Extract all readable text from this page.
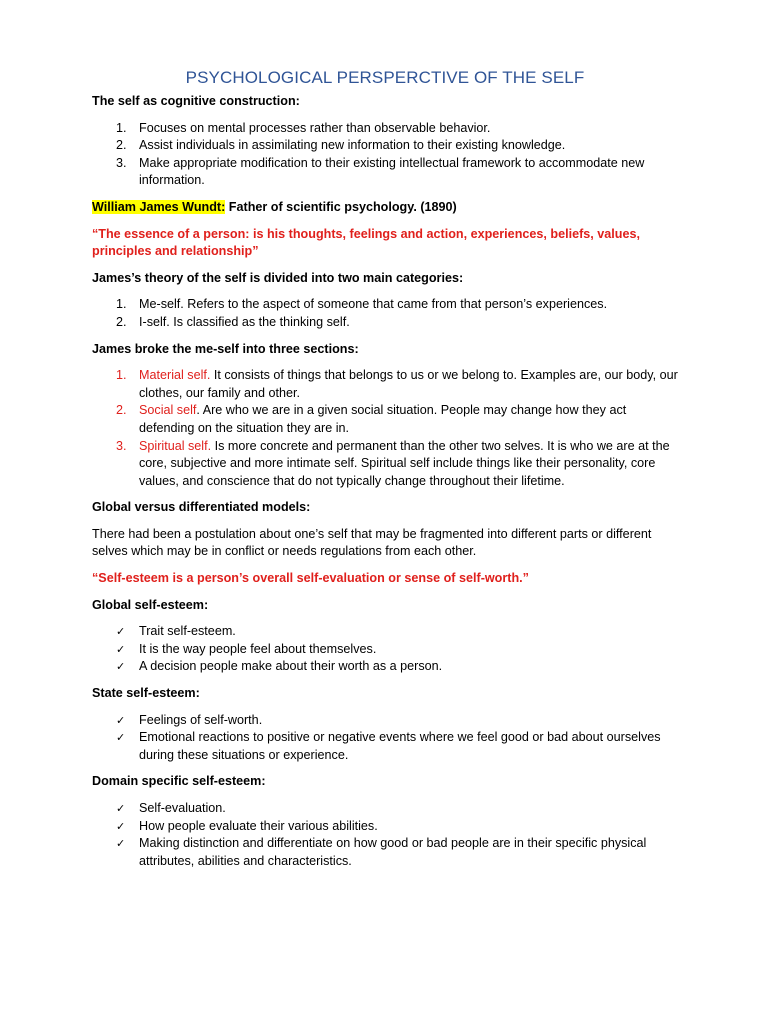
PSYCHOLOGICAL PERSPERCTIVE OF THE SELF
The self as cognitive construction:
1. Focuses on mental processes rather than observable behavior.
2. Assist individuals in assimilating new information to their existing knowledge.
3. Make appropriate modification to their existing intellectual framework to accommodate new information.
William James Wundt: Father of scientific psychology. (1890)
“The essence of a person: is his thoughts, feelings and action, experiences, beliefs, values, principles and relationship”
James’s theory of the self is divided into two main categories:
1. Me-self. Refers to the aspect of someone that came from that person’s experiences.
2. I-self. Is classified as the thinking self.
James broke the me-self into three sections:
1. Material self. It consists of things that belongs to us or we belong to. Examples are, our body, our clothes, our family and other.
2. Social self. Are who we are in a given social situation. People may change how they act defending on the situation they are in.
3. Spiritual self. Is more concrete and permanent than the other two selves. It is who we are at the core, subjective and more intimate self. Spiritual self include things like their personality, core values, and conscience that do not typically change throughout their lifetime.
Global versus differentiated models:
There had been a postulation about one’s self that may be fragmented into different parts or different selves which may be in conflict or needs regulations from each other.
“Self-esteem is a person’s overall self-evaluation or sense of self-worth.”
Global self-esteem:
✓ Trait self-esteem.
✓ It is the way people feel about themselves.
✓ A decision people make about their worth as a person.
State self-esteem:
✓ Feelings of self-worth.
✓ Emotional reactions to positive or negative events where we feel good or bad about ourselves during these situations or experience.
Domain specific self-esteem:
✓ Self-evaluation.
✓ How people evaluate their various abilities.
✓ Making distinction and differentiate on how good or bad people are in their specific physical attributes, abilities and characteristics.
